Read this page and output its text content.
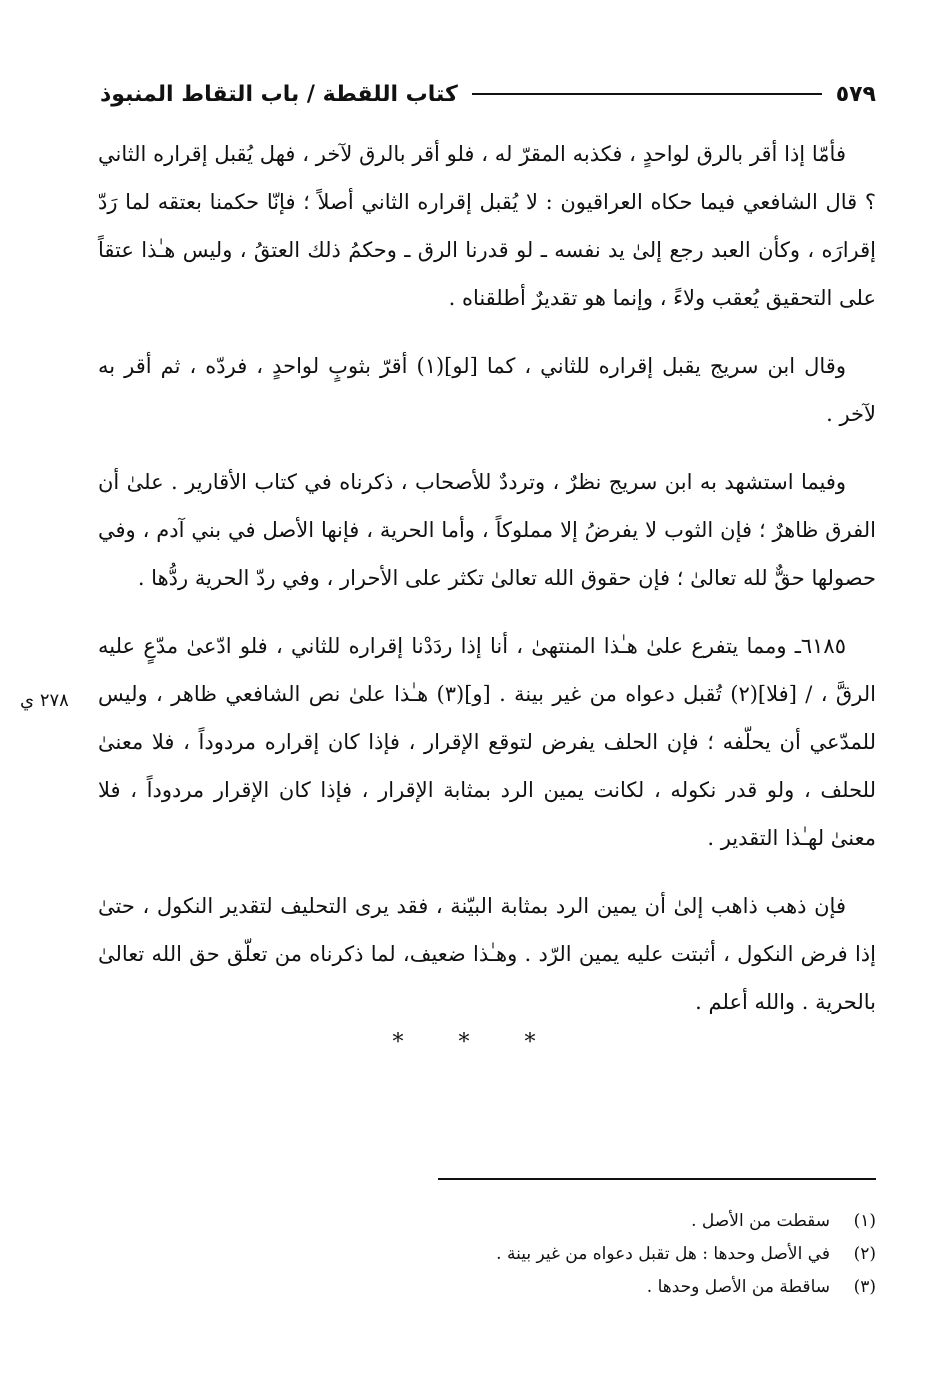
كتاب اللقطة / باب التقاط المنبوذ	٥٧٩

فأمّا إذا أقر بالرق لواحدٍ ، فكذبه المقرّ له ، فلو أقر بالرق لآخر ، فهل يُقبل إقراره الثاني ؟ قال الشافعي فيما حكاه العراقيون : لا يُقبل إقراره الثاني أصلاً ؛ فإنّا حكمنا بعتقه لما رَدّ إقرارَه ، وكأن العبد رجع إلىٰ يد نفسه ـ لو قدرنا الرق ـ وحكمُ ذلك العتقُ ، وليس هـٰذا عتقاً على التحقيق يُعقب ولاءً ، وإنما هو تقديرٌ أطلقناه .

وقال ابن سريج يقبل إقراره للثاني ، كما [لو](١) أقرّ بثوبٍ لواحدٍ ، فردّه ، ثم أقر به لآخر .

وفيما استشهد به ابن سريج نظرٌ ، وترددٌ للأصحاب ، ذكرناه في كتاب الأقارير . علىٰ أن الفرق ظاهرٌ ؛ فإن الثوب لا يفرضُ إلا مملوكاً ، وأما الحرية ، فإنها الأصل في بني آدم ، وفي حصولها حقٌّ لله تعالىٰ ؛ فإن حقوق الله تعالىٰ تكثر على الأحرار ، وفي ردّ الحرية ردُّها .

٦١٨٥ـ ومما يتفرع علىٰ هـٰذا المنتهىٰ ، أنا إذا ردَدْنا إقراره للثاني ، فلو ادّعىٰ مدّعٍ عليه الرقَّ ، / [فلا](٢) تُقبل دعواه من غير بينة . [و](٣) هـٰذا علىٰ نص الشافعي ظاهر ، وليس للمدّعي أن يحلّفه ؛ فإن الحلف يفرض لتوقع الإقرار ، فإذا كان إقراره مردوداً ، فلا معنىٰ للحلف ، ولو قدر نكوله ، لكانت يمين الرد بمثابة الإقرار ، فإذا كان الإقرار مردوداً ، فلا معنىٰ لهـٰذا التقدير .

فإن ذهب ذاهب إلىٰ أن يمين الرد بمثابة البيّنة ، فقد يرى التحليف لتقدير النكول ، حتىٰ إذا فرض النكول ، أثبتت عليه يمين الرّد . وهـٰذا ضعيف، لما ذكرناه من تعلّق حق الله تعالىٰ بالحرية . والله أعلم .

٢٧٨ ي
* * *
(١)
سقطت من الأصل .
(٢)
في الأصل وحدها : هل تقبل دعواه من غير بينة .
(٣)
ساقطة من الأصل وحدها .
